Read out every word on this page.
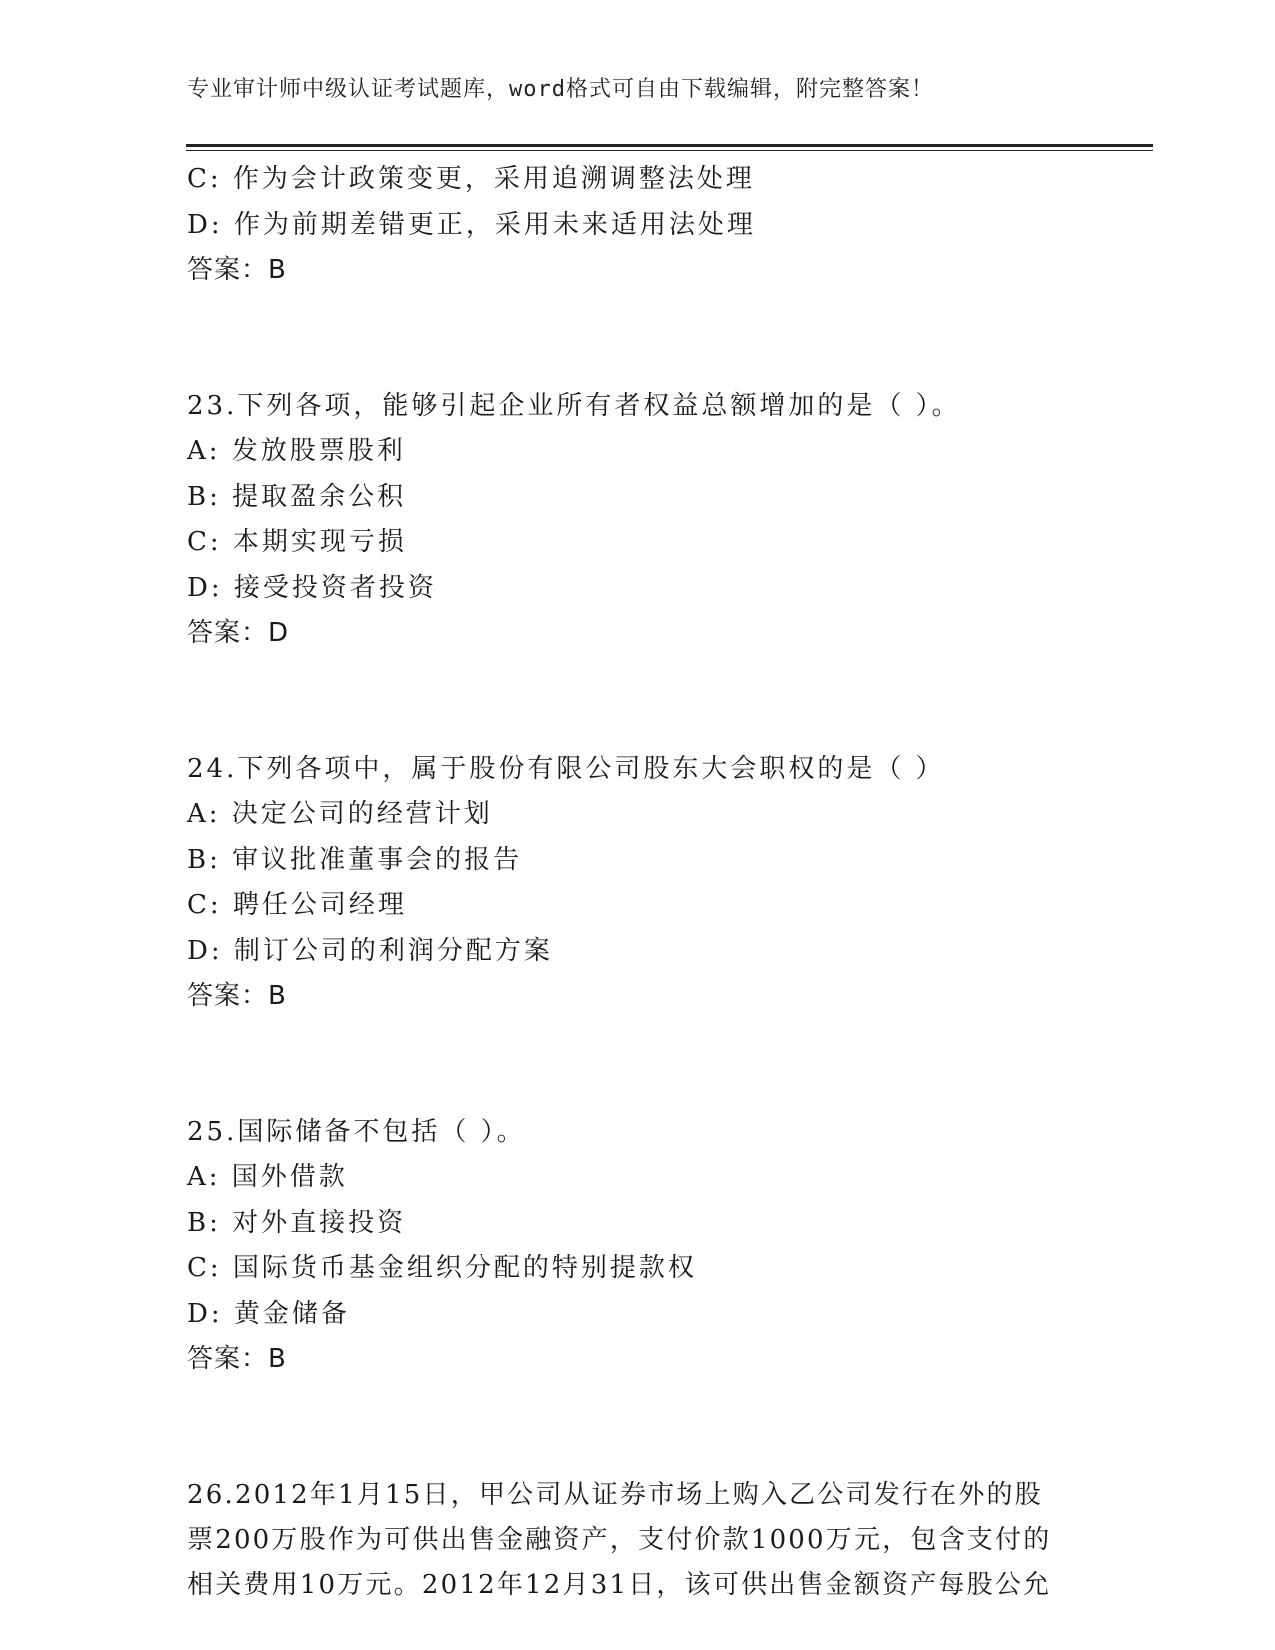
专业审计师中级认证考试题库，word格式可自由下载编辑，附完整答案！
C: 作为会计政策变更，采用追溯调整法处理
D: 作为前期差错更正，采用未来适用法处理
答案：B
23.下列各项，能够引起企业所有者权益总额增加的是（ ）。
A: 发放股票股利
B: 提取盈余公积
C: 本期实现亏损
D: 接受投资者投资
答案：D
24.下列各项中，属于股份有限公司股东大会职权的是（ ）
A: 决定公司的经营计划
B: 审议批准董事会的报告
C: 聘任公司经理
D: 制订公司的利润分配方案
答案：B
25.国际储备不包括（ ）。
A: 国外借款
B: 对外直接投资
C: 国际货币基金组织分配的特别提款权
D: 黄金储备
答案：B
26.2012年1月15日，甲公司从证券市场上购入乙公司发行在外的股
票200万股作为可供出售金融资产，支付价款1000万元，包含支付的
相关费用10万元。2012年12月31日，该可供出售金额资产每股公允
